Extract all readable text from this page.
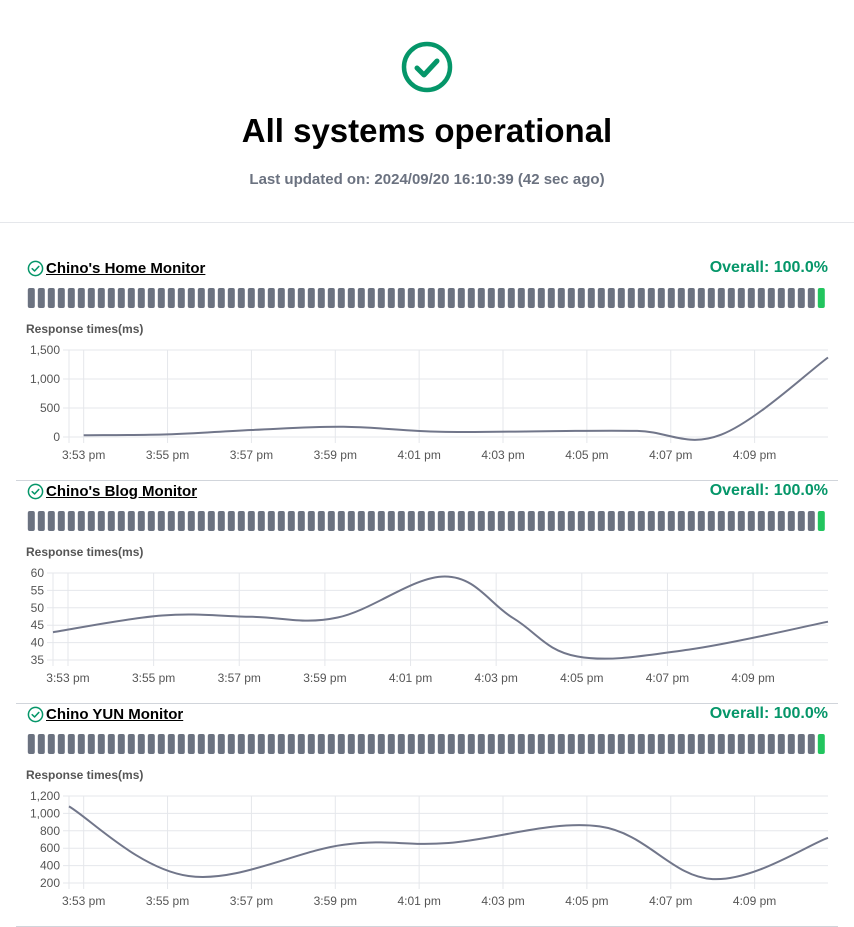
All systems operational
Last updated on: 2024/09/20 16:10:39 (42 sec ago)
Chino's Home Monitor	Overall: 100.0%
Response times(ms)
0
500
1,000
1,500
3:53 pm	3:55 pm	3:57 pm	3:59 pm	4:01 pm	4:03 pm	4:05 pm	4:07 pm	4:09 pm
Chino's Blog Monitor	Overall: 100.0%
Response times(ms)
35
40
45
50
55
60
3:53 pm	3:55 pm	3:57 pm	3:59 pm	4:01 pm	4:03 pm	4:05 pm	4:07 pm	4:09 pm
Chino YUN Monitor	Overall: 100.0%
Response times(ms)
200
400
600
800
1,000
1,200
3:53 pm	3:55 pm	3:57 pm	3:59 pm	4:01 pm	4:03 pm	4:05 pm	4:07 pm	4:09 pm
